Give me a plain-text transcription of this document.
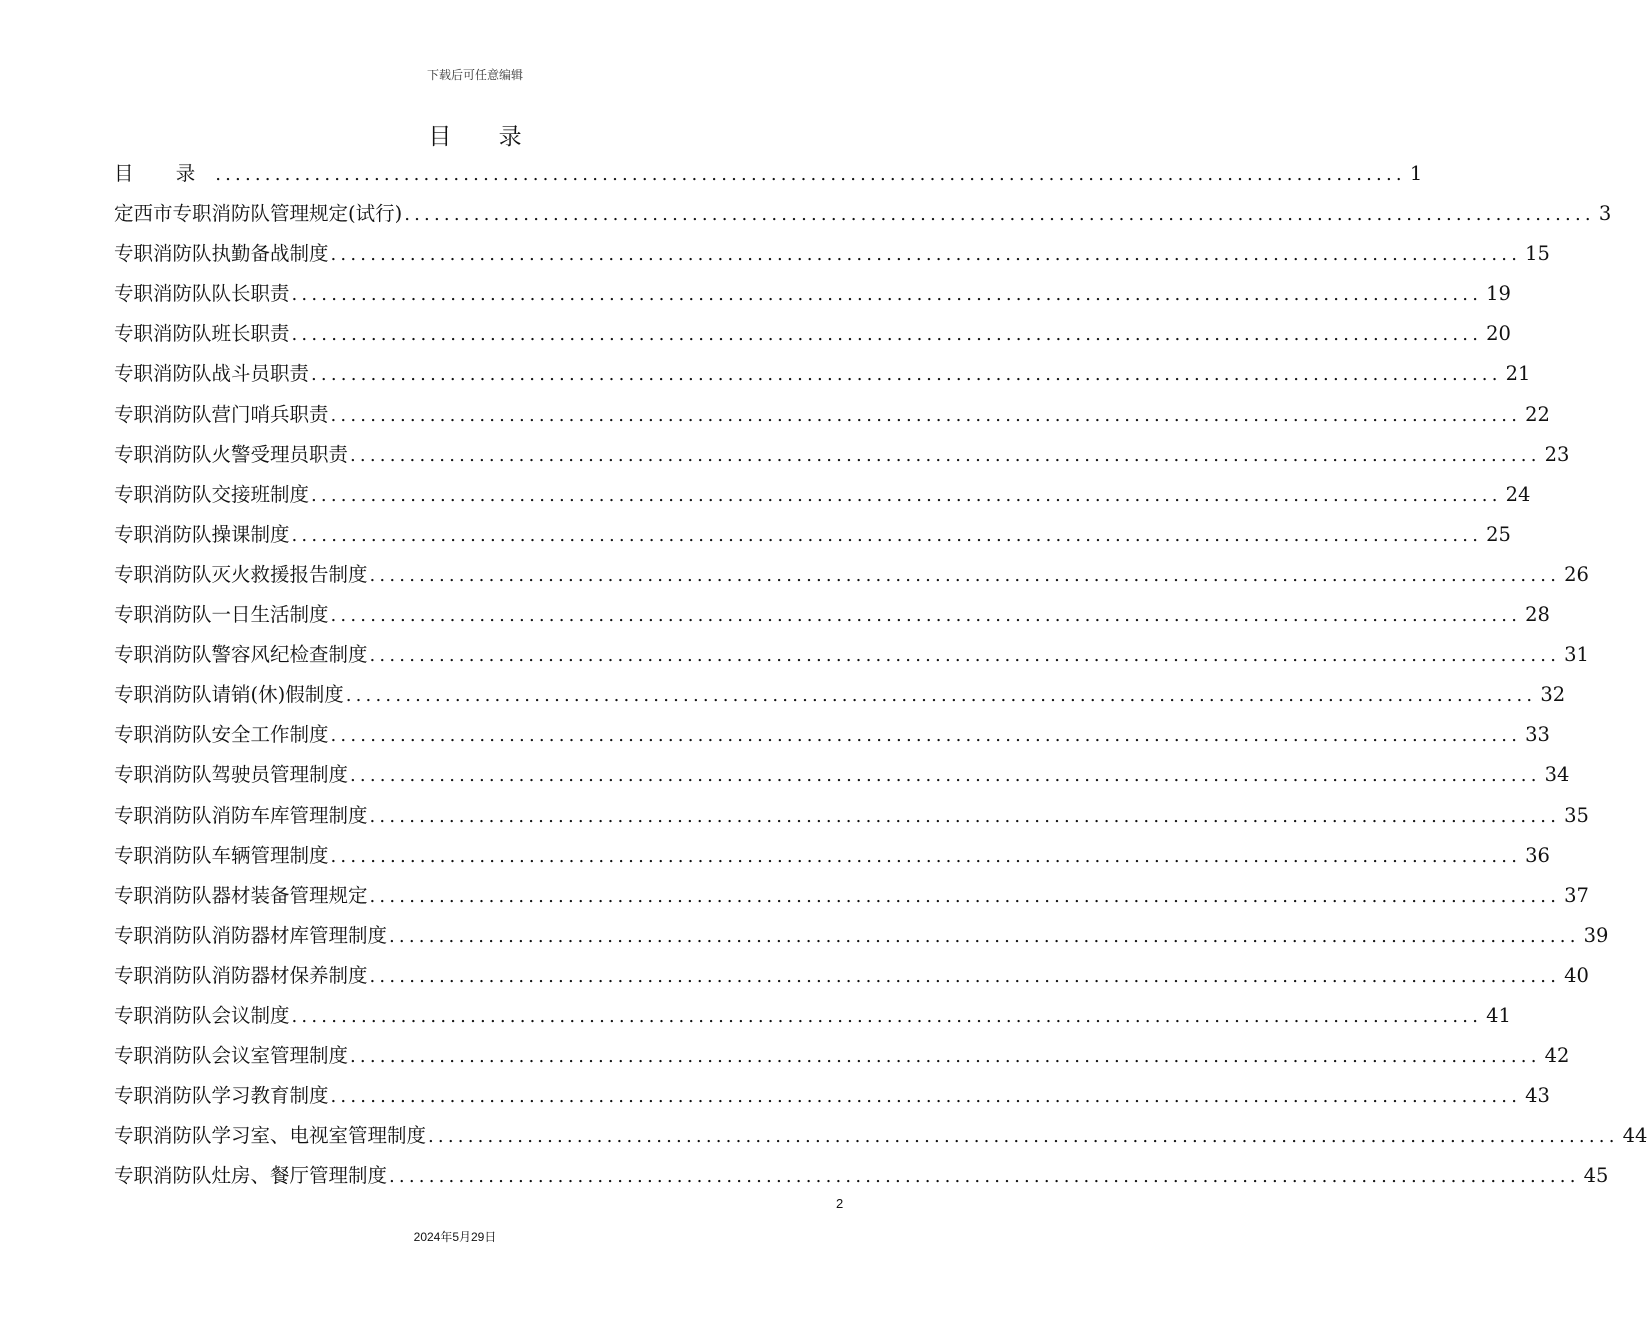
下载后可任意编辑
目 录
目 录 ........................................................................................................................ 1
定西市专职消防队管理规定(试行) ........................................................................................................................ 3
专职消防队执勤备战制度 ........................................................................................................................ 15
专职消防队队长职责 ........................................................................................................................ 19
专职消防队班长职责 ........................................................................................................................ 20
专职消防队战斗员职责 ........................................................................................................................ 21
专职消防队营门哨兵职责 ........................................................................................................................ 22
专职消防队火警受理员职责 ........................................................................................................................ 23
专职消防队交接班制度 ........................................................................................................................ 24
专职消防队操课制度 ........................................................................................................................ 25
专职消防队灭火救援报告制度 ........................................................................................................................ 26
专职消防队一日生活制度 ........................................................................................................................ 28
专职消防队警容风纪检查制度 ........................................................................................................................ 31
专职消防队请销(休)假制度 ........................................................................................................................ 32
专职消防队安全工作制度 ........................................................................................................................ 33
专职消防队驾驶员管理制度 ........................................................................................................................ 34
专职消防队消防车库管理制度 ........................................................................................................................ 35
专职消防队车辆管理制度 ........................................................................................................................ 36
专职消防队器材装备管理规定 ........................................................................................................................ 37
专职消防队消防器材库管理制度 ........................................................................................................................ 39
专职消防队消防器材保养制度 ........................................................................................................................ 40
专职消防队会议制度 ........................................................................................................................ 41
专职消防队会议室管理制度 ........................................................................................................................ 42
专职消防队学习教育制度 ........................................................................................................................ 43
专职消防队学习室、电视室管理制度 ........................................................................................................................ 44
专职消防队灶房、餐厅管理制度 ........................................................................................................................ 45
2
2024年5月29日
